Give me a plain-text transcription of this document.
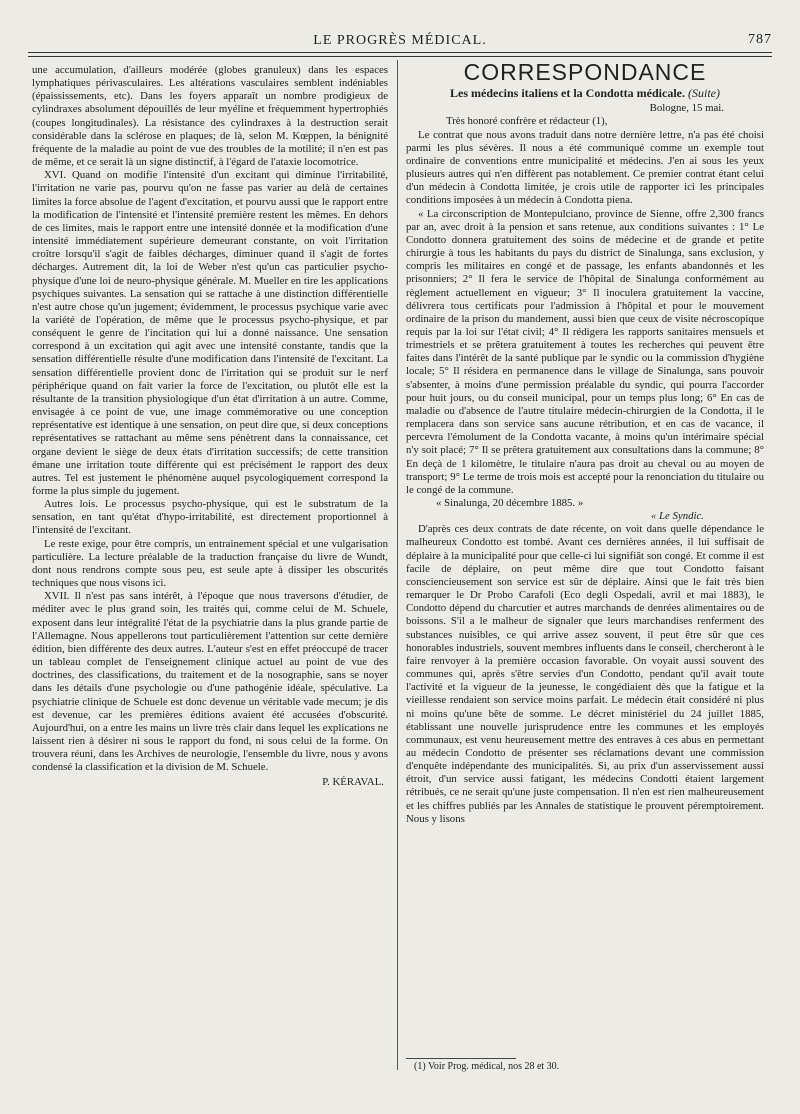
LE PROGRÈS MÉDICAL.	787

une accumulation, d'ailleurs modérée (globes granuleux) dans les espaces lymphatiques périvasculaires. Les altérations vasculaires semblent indéniables (épaississements, etc). Dans les foyers apparaît un nombre prodigieux de cylindraxes absolument dépouillés de leur myéline et fréquemment hypertrophiés (coupes longitudinales). La résistance des cylindraxes à la destruction serait considérable dans la sclérose en plaques; de là, selon M. Kœppen, la bénignité fréquente de la maladie au point de vue des troubles de la motilité; il n'en est pas de même, et ce serait là un signe distinctif, à l'égard de l'ataxie locomotrice.

XVI. Quand on modifie l'intensité d'un excitant qui diminue l'irritabilité, l'irritation ne varie pas, pourvu qu'on ne fasse pas varier au delà de certaines limites la force absolue de l'agent d'excitation, et pourvu aussi que le rapport entre la modification de l'intensité et l'intensité première restent les mêmes. En dehors de ces limites, mais le rapport entre une intensité donnée et la modification d'une intensité immédiatement supérieure demeurant constante, on voit l'irritation croître lorsqu'il s'agit de faibles décharges, diminuer quand il s'agit de fortes décharges. Autrement dit, la loi de Weber n'est qu'un cas particulier psycho-physique d'une loi de neuro-physique générale. M. Mueller en tire les applications psychiques suivantes. La sensation qui se rattache à une distinction différentielle n'est autre chose qu'un jugement; évidemment, le processus psychique varie avec la variété de l'opération, de même que le processus psycho-physique, et par conséquent le genre de l'incitation qui lui a donné naissance. Une sensation correspond à un excitation qui agit avec une intensité constante, tandis que la sensation différentielle résulte d'une modification dans l'intensité de l'excitant. La sensation différentielle provient donc de l'irritation qui se produit sur le nerf périphérique quand on fait varier la force de l'excitation, ou plutôt elle est la résultante de la transition physiologique d'un état d'irritation à un autre. Comme, envisagée à ce point de vue, une image commémorative ou une conception représentative est identique à une sensation, on peut dire que, si deux conceptions représentatives se rattachant au même sens pénètrent dans la connaissance, cet organe devient le siège de deux états d'irritation successifs; de cette transition émane une irritation toute différente qui est précisément le rapport des deux autres. Tel est justement le phénomène auquel psycologiquement correspond la forme la plus simple du jugement.

Autres lois. Le processus psycho-physique, qui est le substratum de la sensation, en tant qu'état d'hypo-irritabilité, est directement proportionnel à l'intensité de l'excitant.

Le reste exige, pour être compris, un entrainement spécial et une vulgarisation particulière. La lecture préalable de la traduction française du livre de Wundt, dont nous rendrons compte sous peu, est seule apte à dissiper les obscurités techniques que nous visons ici.

XVII. Il n'est pas sans intérêt, à l'époque que nous traversons d'étudier, de méditer avec le plus grand soin, les traités qui, comme celui de M. Schuele, exposent dans leur intégralité l'état de la psychiatrie dans la plus grande partie de l'Allemagne. Nous appellerons tout particulièrement l'attention sur cette dernière édition, bien différente des deux autres. L'auteur s'est en effet préoccupé de tracer un tableau complet de l'enseignement clinique actuel au point de vue des doctrines, des classifications, du traitement et de la nosographie, sans se noyer dans les détails d'une psychologie ou d'une pathogénie idéale, spéculative. La psychiatrie clinique de Schuele est donc devenue un véritable vade mecum; je dis est devenue, car les premières éditions avaient été accusées d'obscurité. Aujourd'hui, on a entre les mains un livre très clair dans lequel les explications ne laissent rien à désirer ni sous le rapport du fond, ni sous celui de la forme. On trouvera réuni, dans les Archives de neurologie, l'ensemble du livre, nous y avons condensé la classification et la division de M. Schuele.

P. KÉRAVAL.

CORRESPONDANCE

Les médecins italiens et la Condotta médicale. (Suite)

Bologne, 15 mai.

Très honoré confrère et rédacteur (1),

Le contrat que nous avons traduit dans notre dernière lettre, n'a pas été choisi parmi les plus sévères. Il nous a été communiqué comme un exemple tout ordinaire de conventions entre municipalité et médecins. J'en ai sous les yeux plusieurs autres qui n'en diffèrent pas notablement. Ce premier contrat étant celui d'un médecin à Condotta limitée, je crois utile de rapporter ici les principales conditions imposées à un médecin à Condotta piena.

« La circonscription de Montepulciano, province de Sienne, offre 2,300 francs par an, avec droit à la pension et sans retenue, aux conditions suivantes : 1° Le Condotto donnera gratuitement des soins de médecine et de grande et petite chirurgie à tous les habitants du pays du district de Sinalunga, sans exclusion, y compris les militaires en congé et de passage, les enfants abandonnés et les prisonniers; 2° Il fera le service de l'hôpital de Sinalunga conformément au règlement actuellement en vigueur; 3° Il inoculera gratuitement la vaccine, délivrera tous certificats pour l'admission à l'hôpital et pour le mouvement ordinaire de la prison du mandement, aussi bien que ceux de visite nécroscopique requis par la loi sur l'état civil; 4° Il rédigera les rapports sanitaires mensuels et trimestriels et se prêtera gratuitement à toutes les recherches qui peuvent être faites dans l'intérêt de la santé publique par le syndic ou la commission d'hygiène locale; 5° Il résidera en permanence dans le village de Sinalunga, sans pouvoir s'absenter, à moins d'une permission préalable du syndic, qui pourra l'accorder pour huit jours, ou du conseil municipal, pour un temps plus long; 6° En cas de maladie ou d'absence de l'autre titulaire médecin-chirurgien de la Condotta, il le remplacera dans son service sans aucune rétribution, et en cas de vacance, il percevra l'émolument de la Condotta vacante, à moins qu'un intérimaire spécial n'y soit placé; 7° Il se prêtera gratuitement aux consultations dans la commune; 8° En deçà de 1 kilomètre, le titulaire n'aura pas droit au cheval ou au moyen de transport; 9° Le terme de trois mois est accepté pour la renonciation du titulaire ou le congé de la commune.

« Sinalunga, 20 décembre 1885. »

« Le Syndic.

D'après ces deux contrats de date récente, on voit dans quelle dépendance le malheureux Condotto est tombé. Avant ces dernières années, il lui suffisait de déplaire à la municipalité pour que celle-ci lui signifiât son congé. Et comme il est facile de déplaire, on peut même dire que tout Condotto faisant consciencieusement son service est sûr de déplaire. Ainsi que le fait très bien remarquer le Dr Probo Carafoli (Eco degli Ospedali, avril et mai 1883), le Condotto dépend du charcutier et autres marchands de denrées alimentaires ou de boissons. S'il a le malheur de signaler que leurs marchandises renferment des substances nuisibles, ce qui arrive assez souvent, il peut être sûr que ces honorables industriels, souvent membres influents dans le conseil, chercheront à le faire renvoyer à la première occasion favorable. On voyait aussi souvent des communes qui, après s'être servies d'un Condotto, pendant qu'il avait toute l'activité et la vigueur de la jeunesse, le congédiaient dès que la fatigue et la vieillesse rendaient son service moins parfait. Le médecin était considéré ni plus ni moins qu'une bête de somme. Le décret ministériel du 24 juillet 1885, établissant une nouvelle jurisprudence entre les communes et les employés communaux, est venu heureusement mettre des entraves à ces abus en permettant au médecin Condotto de présenter ses réclamations devant une commission d'enquête indépendante des municipalités. Si, au prix d'un asservissement aussi étroit, d'un service aussi fatigant, les médecins Condotti étaient largement rétribués, ce ne serait qu'une juste compensation. Il n'en est rien malheureusement et les chiffres publiés par les Annales de statistique le prouvent péremptoirement. Nous y lisons

(1) Voir Prog. médical, nos 28 et 30.
